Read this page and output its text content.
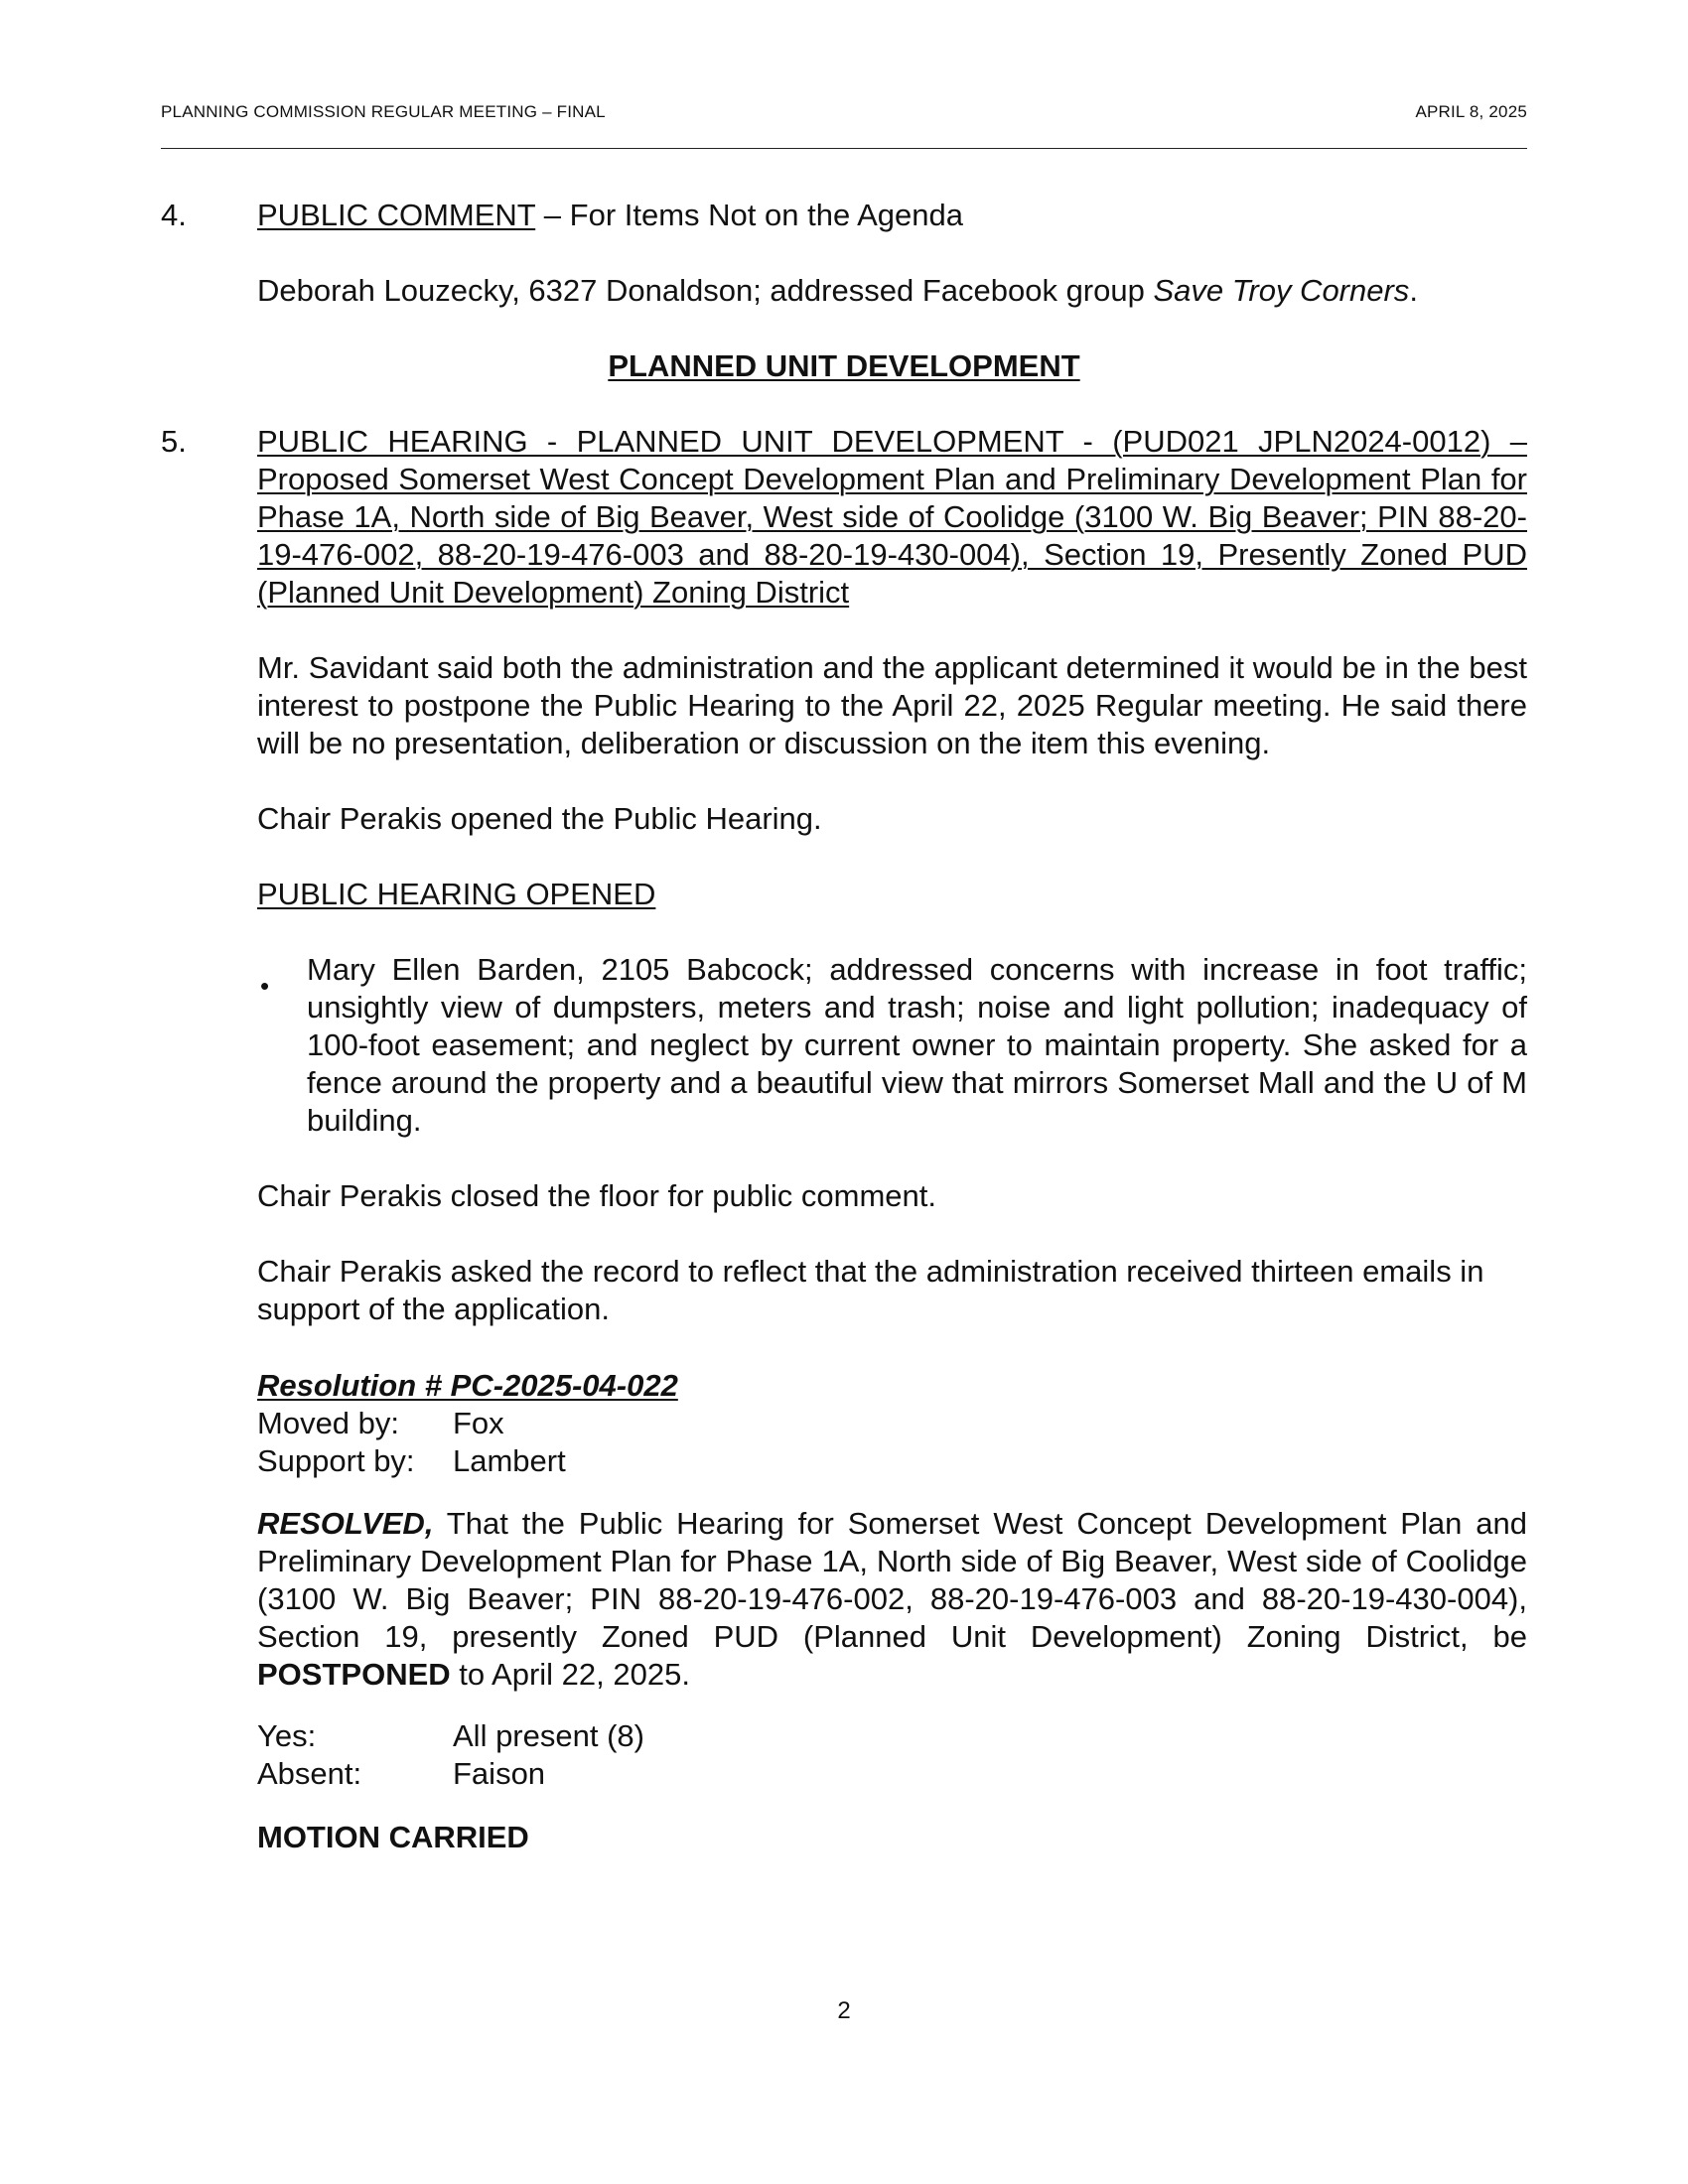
PLANNING COMMISSION REGULAR MEETING – FINAL	APRIL 8, 2025
4. PUBLIC COMMENT – For Items Not on the Agenda
Deborah Louzecky, 6327 Donaldson; addressed Facebook group Save Troy Corners.
PLANNED UNIT DEVELOPMENT
5. PUBLIC HEARING - PLANNED UNIT DEVELOPMENT - (PUD021 JPLN2024-0012) – Proposed Somerset West Concept Development Plan and Preliminary Development Plan for Phase 1A, North side of Big Beaver, West side of Coolidge (3100 W. Big Beaver; PIN 88-20-19-476-002, 88-20-19-476-003 and 88-20-19-430-004), Section 19, Presently Zoned PUD (Planned Unit Development) Zoning District
Mr. Savidant said both the administration and the applicant determined it would be in the best interest to postpone the Public Hearing to the April 22, 2025 Regular meeting. He said there will be no presentation, deliberation or discussion on the item this evening.
Chair Perakis opened the Public Hearing.
PUBLIC HEARING OPENED
• Mary Ellen Barden, 2105 Babcock; addressed concerns with increase in foot traffic; unsightly view of dumpsters, meters and trash; noise and light pollution; inadequacy of 100-foot easement; and neglect by current owner to maintain property. She asked for a fence around the property and a beautiful view that mirrors Somerset Mall and the U of M building.
Chair Perakis closed the floor for public comment.
Chair Perakis asked the record to reflect that the administration received thirteen emails in support of the application.
Resolution # PC-2025-04-022
Moved by: Fox
Support by: Lambert
RESOLVED, That the Public Hearing for Somerset West Concept Development Plan and Preliminary Development Plan for Phase 1A, North side of Big Beaver, West side of Coolidge (3100 W. Big Beaver; PIN 88-20-19-476-002, 88-20-19-476-003 and 88-20-19-430-004), Section 19, presently Zoned PUD (Planned Unit Development) Zoning District, be POSTPONED to April 22, 2025.
Yes:	All present (8)
Absent:	Faison
MOTION CARRIED
2
